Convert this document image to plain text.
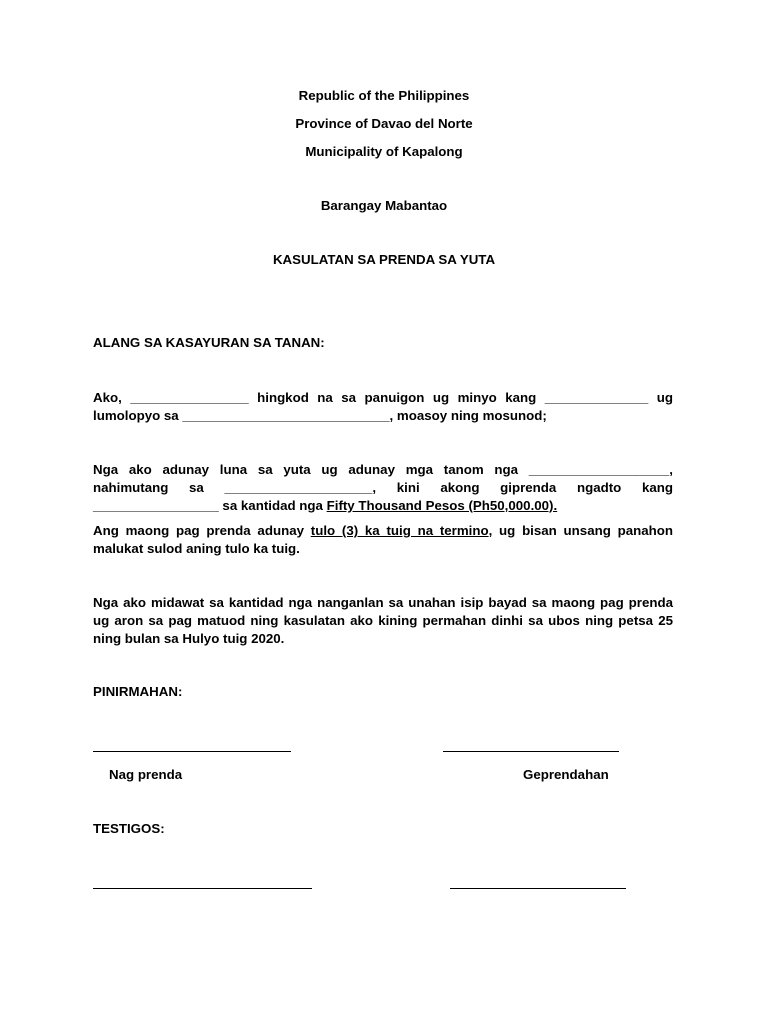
Republic of the Philippines
Province of Davao del Norte
Municipality of Kapalong
Barangay Mabantao
KASULATAN SA PRENDA SA YUTA
ALANG SA KASAYURAN SA TANAN:
Ako, ________________ hingkod na sa panuigon ug minyo kang ______________ ug lumolopyo sa ____________________________, moasoy ning mosunod;
Nga ako adunay luna sa yuta ug adunay mga tanom nga ___________________, nahimutang sa ____________________, kini akong giprenda ngadto kang _________________ sa kantidad nga Fifty Thousand Pesos (Ph50,000.00).
Ang maong pag prenda adunay tulo (3) ka tuig na termino, ug bisan unsang panahon malukat sulod aning tulo ka tuig.
Nga ako midawat sa kantidad nga nanganlan sa unahan isip bayad sa maong pag prenda ug aron sa pag matuod ning kasulatan ako kining permahan dinhi sa ubos ning petsa 25 ning bulan sa Hulyo tuig 2020.
PINIRMAHAN:
Nag prenda	Geprendahan
TESTIGOS:
